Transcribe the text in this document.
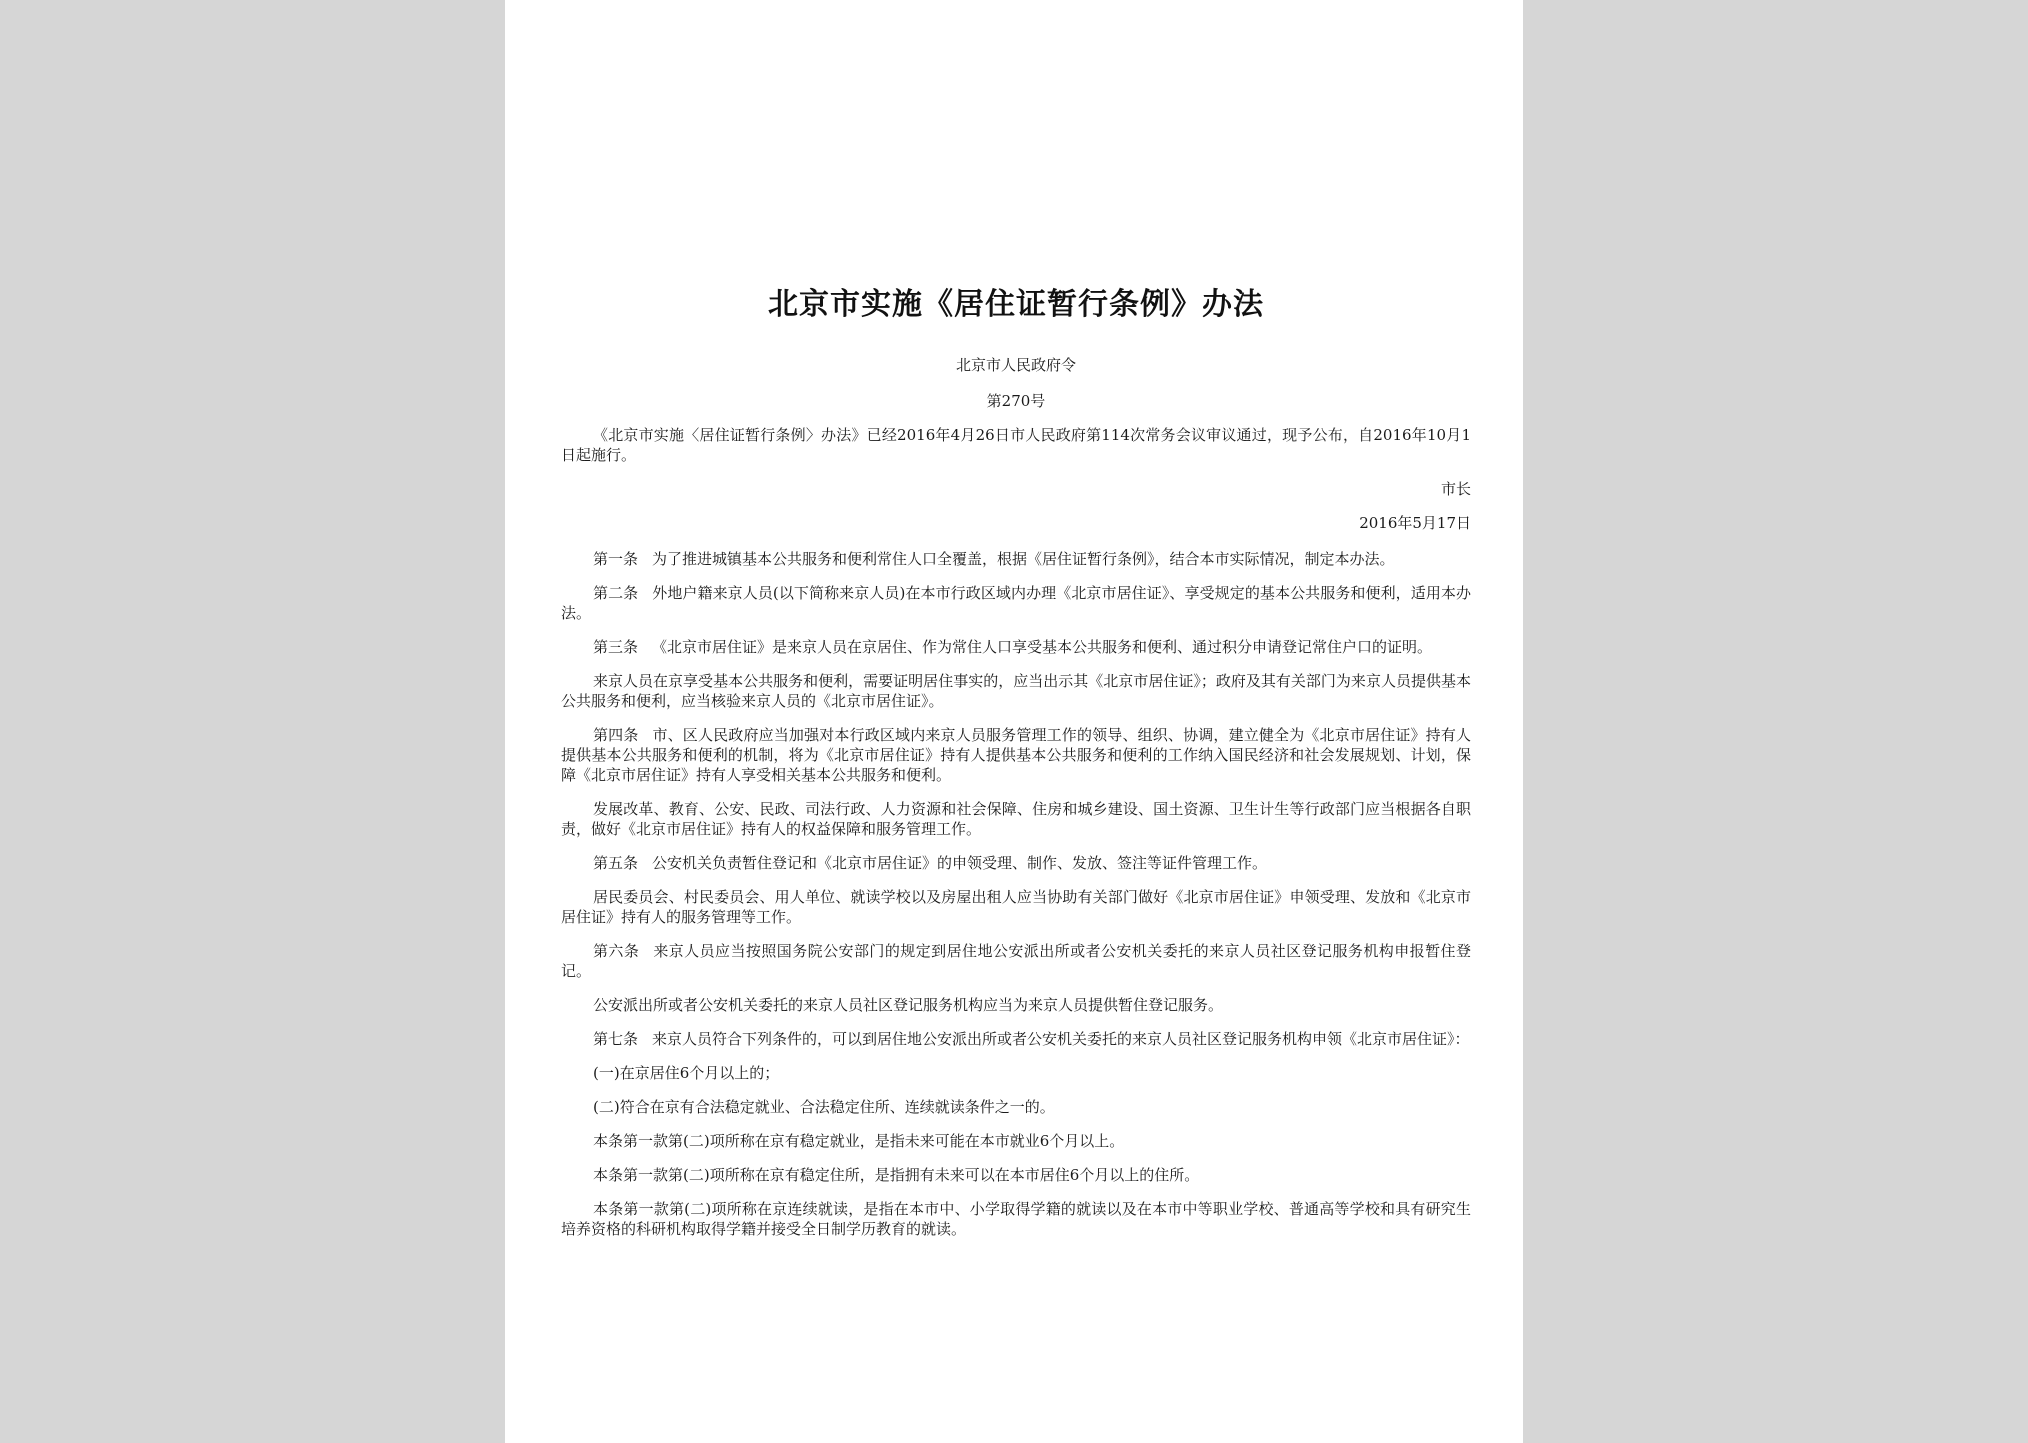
北京市实施《居住证暂行条例》办法
北京市人民政府令
第270号
《北京市实施〈居住证暂行条例〉办法》已经2016年4月26日市人民政府第114次常务会议审议通过，现予公布，自2016年10月1日起施行。
市长
2016年5月17日
第一条 为了推进城镇基本公共服务和便利常住人口全覆盖，根据《居住证暂行条例》，结合本市实际情况，制定本办法。
第二条 外地户籍来京人员(以下简称来京人员)在本市行政区域内办理《北京市居住证》、享受规定的基本公共服务和便利，适用本办法。
第三条 《北京市居住证》是来京人员在京居住、作为常住人口享受基本公共服务和便利、通过积分申请登记常住户口的证明。
来京人员在京享受基本公共服务和便利，需要证明居住事实的，应当出示其《北京市居住证》；政府及其有关部门为来京人员提供基本公共服务和便利，应当核验来京人员的《北京市居住证》。
第四条 市、区人民政府应当加强对本行政区域内来京人员服务管理工作的领导、组织、协调，建立健全为《北京市居住证》持有人提供基本公共服务和便利的机制，将为《北京市居住证》持有人提供基本公共服务和便利的工作纳入国民经济和社会发展规划、计划，保障《北京市居住证》持有人享受相关基本公共服务和便利。
发展改革、教育、公安、民政、司法行政、人力资源和社会保障、住房和城乡建设、国土资源、卫生计生等行政部门应当根据各自职责，做好《北京市居住证》持有人的权益保障和服务管理工作。
第五条 公安机关负责暂住登记和《北京市居住证》的申领受理、制作、发放、签注等证件管理工作。
居民委员会、村民委员会、用人单位、就读学校以及房屋出租人应当协助有关部门做好《北京市居住证》申领受理、发放和《北京市居住证》持有人的服务管理等工作。
第六条 来京人员应当按照国务院公安部门的规定到居住地公安派出所或者公安机关委托的来京人员社区登记服务机构申报暂住登记。
公安派出所或者公安机关委托的来京人员社区登记服务机构应当为来京人员提供暂住登记服务。
第七条 来京人员符合下列条件的，可以到居住地公安派出所或者公安机关委托的来京人员社区登记服务机构申领《北京市居住证》：
(一)在京居住6个月以上的；
(二)符合在京有合法稳定就业、合法稳定住所、连续就读条件之一的。
本条第一款第(二)项所称在京有稳定就业，是指未来可能在本市就业6个月以上。
本条第一款第(二)项所称在京有稳定住所，是指拥有未来可以在本市居住6个月以上的住所。
本条第一款第(二)项所称在京连续就读，是指在本市中、小学取得学籍的就读以及在本市中等职业学校、普通高等学校和具有研究生培养资格的科研机构取得学籍并接受全日制学历教育的就读。
